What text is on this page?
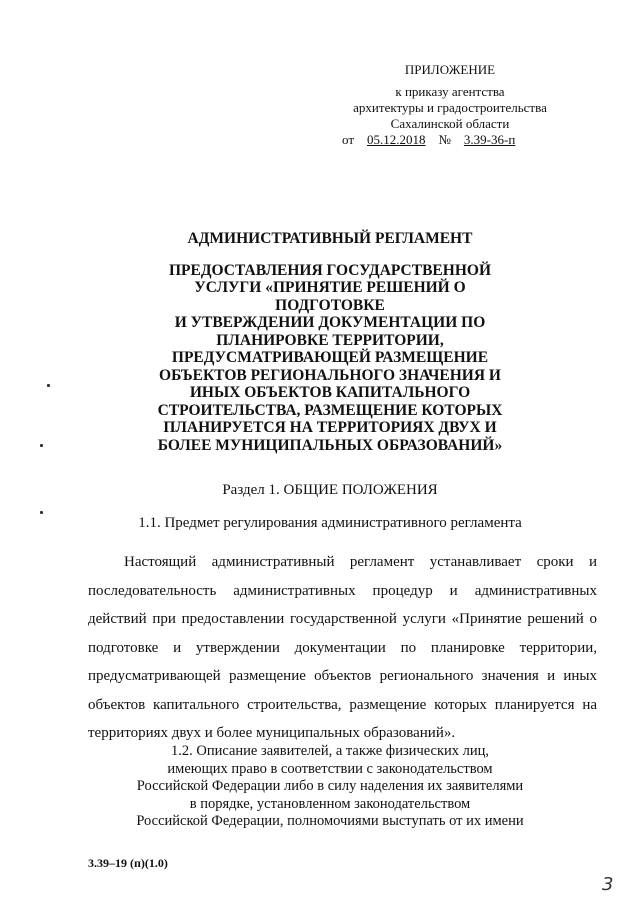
ПРИЛОЖЕНИЕ
к приказу агентства
архитектуры и градостроительства
Сахалинской области
от 05.12.2018 № 3.39-36-п
АДМИНИСТРАТИВНЫЙ РЕГЛАМЕНТ
ПРЕДОСТАВЛЕНИЯ ГОСУДАРСТВЕННОЙ
УСЛУГИ «ПРИНЯТИЕ РЕШЕНИЙ О ПОДГОТОВКЕ
И УТВЕРЖДЕНИИ ДОКУМЕНТАЦИИ ПО
ПЛАНИРОВКЕ ТЕРРИТОРИИ,
ПРЕДУСМАТРИВАЮЩЕЙ РАЗМЕЩЕНИЕ
ОБЪЕКТОВ РЕГИОНАЛЬНОГО ЗНАЧЕНИЯ И
ИНЫХ ОБЪЕКТОВ КАПИТАЛЬНОГО
СТРОИТЕЛЬСТВА, РАЗМЕЩЕНИЕ КОТОРЫХ
ПЛАНИРУЕТСЯ НА ТЕРРИТОРИЯХ ДВУХ И
БОЛЕЕ МУНИЦИПАЛЬНЫХ ОБРАЗОВАНИЙ»
Раздел 1. ОБЩИЕ ПОЛОЖЕНИЯ
1.1. Предмет регулирования административного регламента
Настоящий административный регламент устанавливает сроки и
последовательность административных процедур и административных
действий при предоставлении государственной услуги «Принятие решений о
подготовке и утверждении документации по планировке территории,
предусматривающей размещение объектов регионального значения и иных
объектов капитального строительства, размещение которых планируется на
территориях двух и более муниципальных образований».
1.2. Описание заявителей, а также физических лиц,
имеющих право в соответствии с законодательством
Российской Федерации либо в силу наделения их заявителями
в порядке, установленном законодательством
Российской Федерации, полномочиями выступать от их имени
3.39–19 (п)(1.0)
3
